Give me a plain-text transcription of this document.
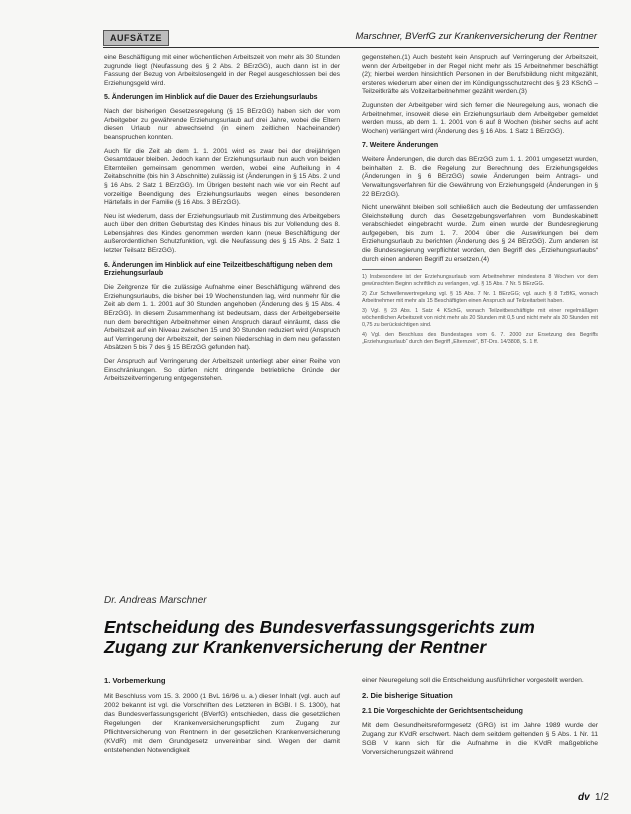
AUFSÄTZE	Marschner, BVerfG zur Krankenversicherung der Rentner

eine Beschäftigung mit einer wöchentlichen Arbeitszeit von mehr als 30 Stunden zugrunde liegt (Neufassung des § 2 Abs. 2 BErzGG), auch dann ist in der Fassung der Bezug von Arbeitslosengeld in der Regel ausgeschlossen bei des Erziehungsgeld wird.

5. Änderungen im Hinblick auf die Dauer des Erziehungsurlaubs

Nach der bisherigen Gesetzesregelung (§ 15 BErzGG) haben sich der vom Arbeitgeber zu gewährende Erziehungsurlaub auf drei Jahre, wobei die Eltern diesen Urlaub nur abwechselnd (in einem zeitlichen Nacheinander) beanspruchen konnten.

Auch für die Zeit ab dem 1. 1. 2001 wird es zwar bei der dreijährigen Gesamtdauer bleiben. Jedoch kann der Erziehungsurlaub nun auch von beiden Elternteilen gemeinsam genommen werden, wobei eine Aufteilung in 4 Zeitabschnitte (bis hin 3 Abschnitte) zulässig ist (Änderungen in § 15 Abs. 2 und § 16 Abs. 2 Satz 1 BErzGG). Im Übrigen besteht nach wie vor ein Recht auf vorzeitige Beendigung des Erziehungsurlaubs wegen eines besonderen Härtefalls in der Familie (§ 16 Abs. 3 BErzGG).

Neu ist wiederum, dass der Erziehungsurlaub mit Zustimmung des Arbeitgebers auch über den dritten Geburtstag des Kindes hinaus bis zur Vollendung des 8. Lebensjahres des Kindes genommen werden kann (neue Beschäftigung der außerordentlichen Schutzfunktion, vgl. die Neufassung des § 15 Abs. 2 Satz 1 letzter Teilsatz BErzGG).

6. Änderungen im Hinblick auf eine Teilzeitbeschäftigung neben dem Erziehungsurlaub

Die Zeitgrenze für die zulässige Aufnahme einer Beschäftigung während des Erziehungsurlaubs, die bisher bei 19 Wochenstunden lag, wird nunmehr für die Zeit ab dem 1. 1. 2001 auf 30 Stunden angehoben (Änderung des § 15 Abs. 4 BErzGG). In diesem Zusammenhang ist bedeutsam, dass der Arbeitgeberseite nun dem berechtigen Arbeitnehmer einen Anspruch darauf einräumt, dass die Arbeitszeit auf ein Niveau zwischen 15 und 30 Stunden reduziert wird (Anspruch auf Verringerung der Arbeitszeit, der seinen Niederschlag in dem neu gefassten Absätzen 5 bis 7 des § 15 BErzGG gefunden hat).

Der Anspruch auf Verringerung der Arbeitszeit unterliegt aber einer Reihe von Einschränkungen. So dürfen nicht dringende betriebliche Gründe der Arbeitszeitverringerung entgegenstehen.

gegenstehen.(1) Auch besteht kein Anspruch auf Verringerung der Arbeitszeit, wenn der Arbeitgeber in der Regel nicht mehr als 15 Arbeitnehmer beschäftigt (2); hierbei werden hinsichtlich Personen in der Berufsbildung nicht mitgezählt, ersteres wiederum aber einen der im Kündigungsschutzrecht des § 23 KSchG – Teilzeitkräfte als Vollzeitarbeitnehmer gezählt werden.(3)

Zugunsten der Arbeitgeber wird sich ferner die Neuregelung aus, wonach die Arbeitnehmer, insoweit diese ein Erziehungsurlaub dem Arbeitgeber gemeldet werden muss, ab dem 1. 1. 2001 von 6 auf 8 Wochen (bisher sechs auf acht Wochen) verlängert wird (Änderung des § 16 Abs. 1 Satz 1 BErzGG).

7. Weitere Änderungen

Weitere Änderungen, die durch das BErzGG zum 1. 1. 2001 umgesetzt wurden, beinhalten z. B. die Regelung zur Berechnung des Erziehungsgeldes (Änderungen in § 6 BErzGG) sowie Änderungen beim Antrags- und Verwaltungsverfahren für die Gewährung von Erziehungsgeld (Änderungen in § 22 BErzGG).

Nicht unerwähnt bleiben soll schließlich auch die Bedeutung der umfassenden Gleichstellung durch das Gesetzgebungsverfahren vom Bundeskabinett verabschiedet eingebracht wurde. Zum einen wurde der Bundesregierung aufgegeben, bis zum 1. 7. 2004 über die Auswirkungen bei dem Erziehungsurlaub zu berichten (Änderung des § 24 BErzGG). Zum anderen ist die Bundesregierung verpflichtet worden, den Begriff des „Erziehungsurlaubs“ durch einen anderen Begriff zu ersetzen.(4)

1) Insbesondere ist der Erziehungsurlaub vom Arbeitnehmer mindestens 8 Wochen vor dem gewünschten Beginn schriftlich zu verlangen, vgl. § 15 Abs. 7 Nr. 5 BErzGG.

2) Zur Schwellenwertregelung vgl. § 15 Abs. 7 Nr. 1 BErzGG; vgl. auch § 8 TzBfG, wonach Arbeitnehmer mit mehr als 15 Beschäftigten einen Anspruch auf Teilzeitarbeit haben.

3) Vgl. § 23 Abs. 1 Satz 4 KSchG, wonach Teilzeitbeschäftigte mit einer regelmäßigen wöchentlichen Arbeitszeit von nicht mehr als 20 Stunden mit 0,5 und nicht mehr als 30 Stunden mit 0,75 zu berücksichtigen sind.

4) Vgl. den Beschluss des Bundestages vom 6. 7. 2000 zur Ersetzung des Begriffs „Erziehungsurlaub“ durch den Begriff „Elternzeit“, BT-Drs. 14/3808, S. 1 ff.

Dr. Andreas Marschner
Entscheidung des Bundesverfassungsgerichts zum Zugang zur Krankenversicherung der Rentner
1. Vorbemerkung

Mit Beschluss vom 15. 3. 2000 (1 BvL 16/96 u. a.) dieser Inhalt (vgl. auch auf 2002 bekannt ist vgl. die Vorschriften des Letzteren in BGBl. I S. 1300), hat das Bundesverfassungsgericht (BVerfG) entschieden, dass die gesetzlichen Regelungen der Krankenversicherungspflicht zum Zugang zur Pflichtversicherung von Rentnern in der gesetzlichen Krankenversicherung (KVdR) mit dem Grundgesetz unvereinbar sind. Wegen der damit entstehenden Notwendigkeit

einer Neuregelung soll die Entscheidung ausführlicher vorgestellt werden.

2. Die bisherige Situation
2.1 Die Vorgeschichte der Gerichtsentscheidung

Mit dem Gesundheitsreformgesetz (GRG) ist im Jahre 1989 wurde der Zugang zur KVdR erschwert. Nach dem seitdem geltenden § 5 Abs. 1 Nr. 11 SGB V kann sich für die Aufnahme in die KVdR maßgebliche Vorversicherungszeit während

dv 1/2
